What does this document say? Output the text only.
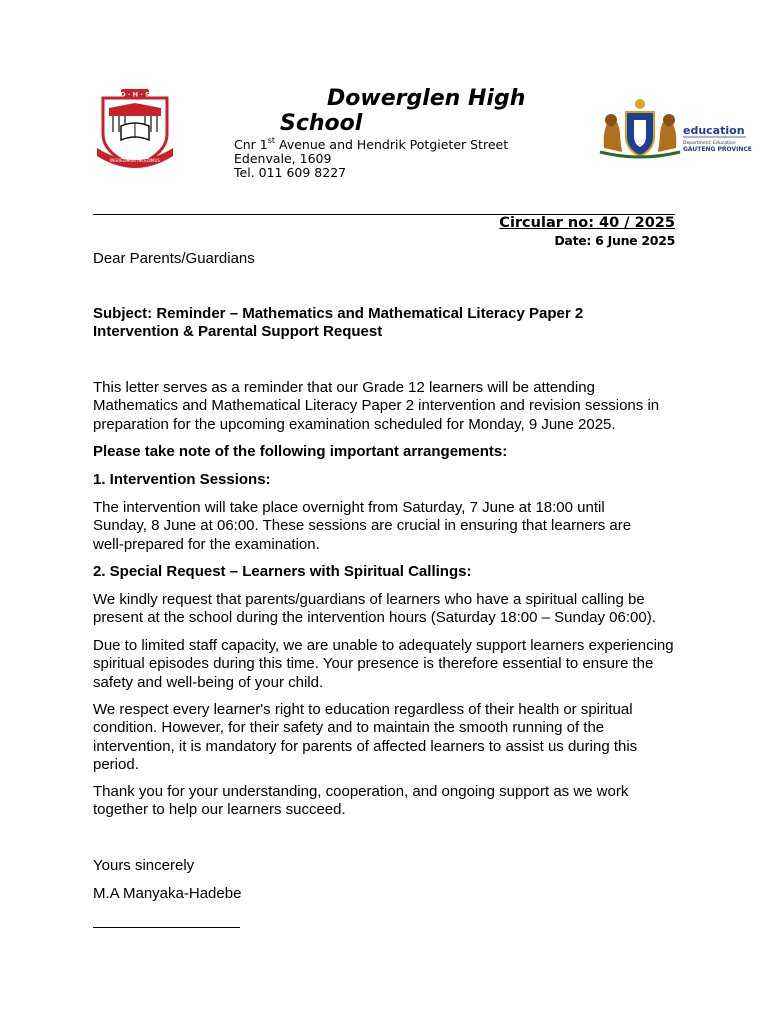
D · H · S
INGREDIMUR INCEDIMUS
Dowerglen High
School
Cnr 1st Avenue and Hendrik Potgieter Street
Edenvale, 1609
Tel. 011 609 8227
education
Department: Education
GAUTENG PROVINCE
Circular no: 40 / 2025
Date: 6 June 2025

Dear Parents/Guardians

Subject: Reminder – Mathematics and Mathematical Literacy Paper 2 Intervention & Parental Support Request

This letter serves as a reminder that our Grade 12 learners will be attending Mathematics and Mathematical Literacy Paper 2 intervention and revision sessions in preparation for the upcoming examination scheduled for Monday, 9 June 2025.

Please take note of the following important arrangements:

1. Intervention Sessions:

The intervention will take place overnight from Saturday, 7 June at 18:00 until Sunday, 8 June at 06:00. These sessions are crucial in ensuring that learners are well-prepared for the examination.

2. Special Request – Learners with Spiritual Callings:

We kindly request that parents/guardians of learners who have a spiritual calling be present at the school during the intervention hours (Saturday 18:00 – Sunday 06:00).

Due to limited staff capacity, we are unable to adequately support learners experiencing spiritual episodes during this time. Your presence is therefore essential to ensure the safety and well-being of your child.

We respect every learner's right to education regardless of their health or spiritual condition. However, for their safety and to maintain the smooth running of the intervention, it is mandatory for parents of affected learners to assist us during this period.

Thank you for your understanding, cooperation, and ongoing support as we work together to help our learners succeed.

Yours sincerely

M.A Manyaka-Hadebe
